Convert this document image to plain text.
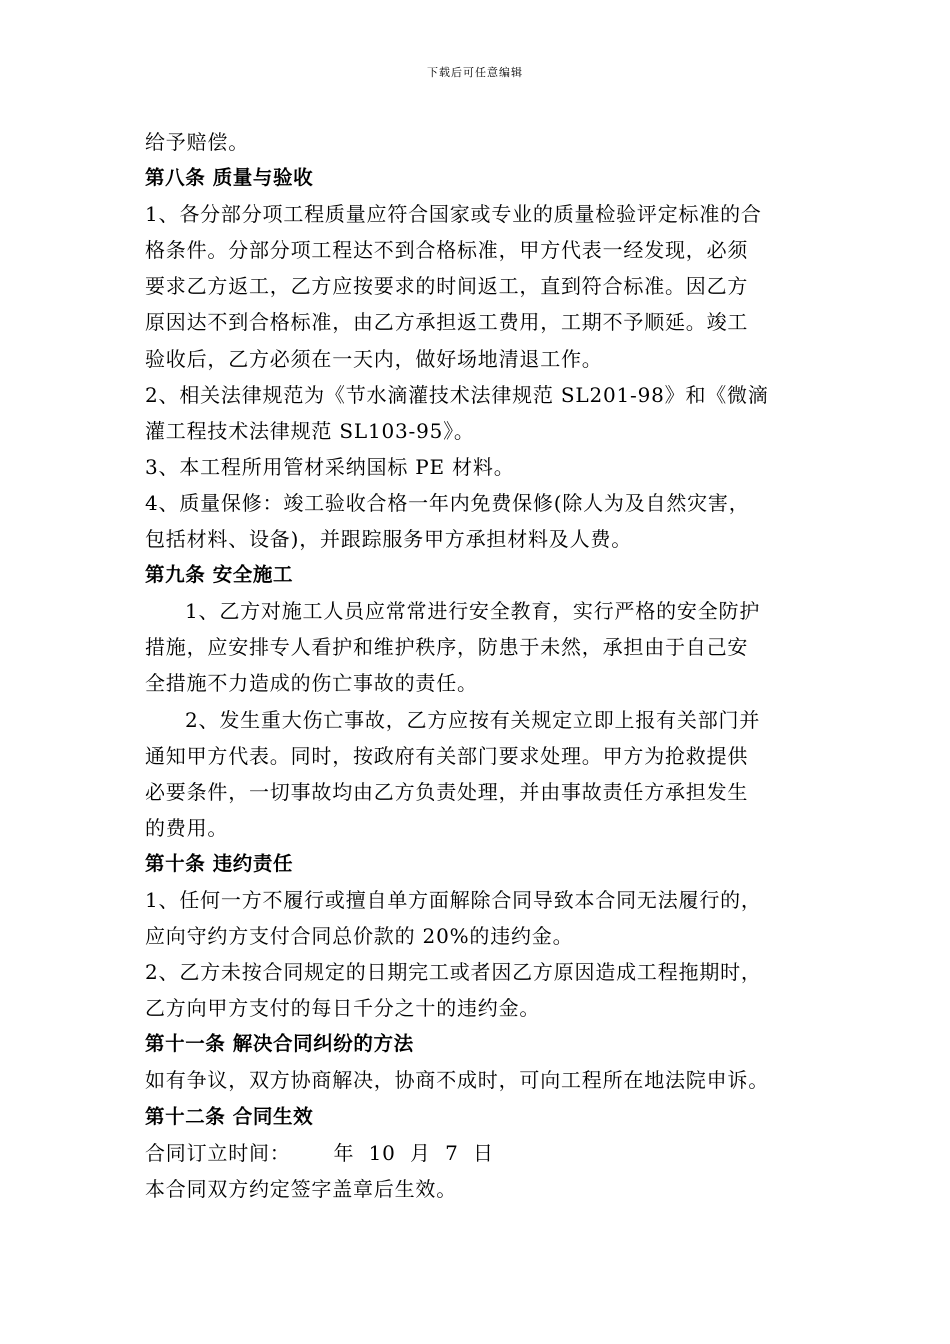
下载后可任意编辑
给予赔偿。
第八条 质量与验收
1、各分部分项工程质量应符合国家或专业的质量检验评定标准的合
格条件。分部分项工程达不到合格标准，甲方代表一经发现，必须
要求乙方返工，乙方应按要求的时间返工，直到符合标准。因乙方
原因达不到合格标准，由乙方承担返工费用，工期不予顺延。竣工
验收后，乙方必须在一天内，做好场地清退工作。
2、相关法律规范为《节水滴灌技术法律规范 SL201-98》和《微滴
灌工程技术法律规范 SL103-95》。
3、本工程所用管材采纳国标 PE 材料。
4、质量保修：竣工验收合格一年内免费保修(除人为及自然灾害，
包括材料、设备)，并跟踪服务甲方承担材料及人费。
第九条 安全施工
1、乙方对施工人员应常常进行安全教育，实行严格的安全防护
措施，应安排专人看护和维护秩序，防患于未然，承担由于自己安
全措施不力造成的伤亡事故的责任。
2、发生重大伤亡事故，乙方应按有关规定立即上报有关部门并
通知甲方代表。同时，按政府有关部门要求处理。甲方为抢救提供
必要条件，一切事故均由乙方负责处理，并由事故责任方承担发生
的费用。
第十条 违约责任
1、任何一方不履行或擅自单方面解除合同导致本合同无法履行的，
应向守约方支付合同总价款的 20%的违约金。
2、乙方未按合同规定的日期完工或者因乙方原因造成工程拖期时，
乙方向甲方支付的每日千分之十的违约金。
第十一条 解决合同纠纷的方法
如有争议，双方协商解决，协商不成时，可向工程所在地法院申诉。
第十二条 合同生效
合同订立时间：      年  10  月  7  日
本合同双方约定签字盖章后生效。
